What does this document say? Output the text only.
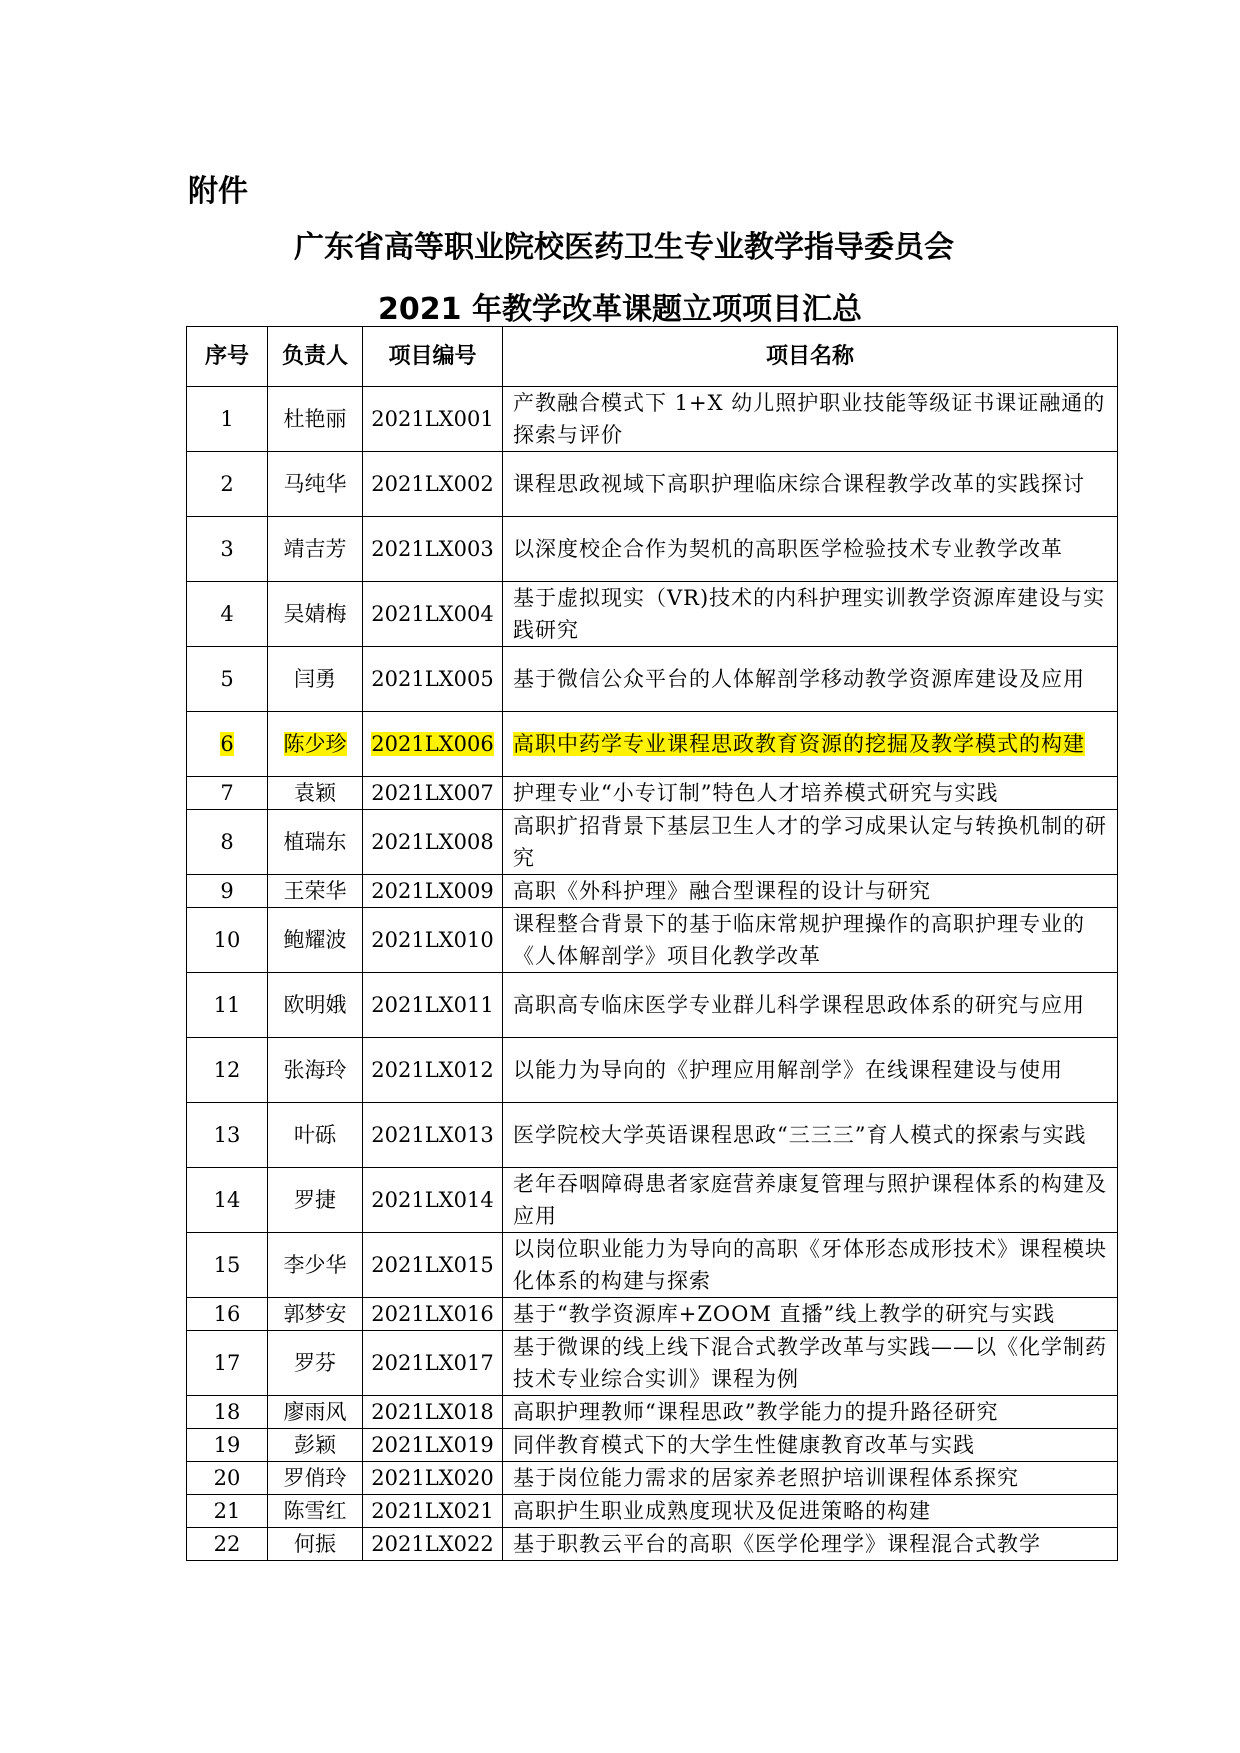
附件
广东省高等职业院校医药卫生专业教学指导委员会
2021 年教学改革课题立项项目汇总
序号	负责人	项目编号	项目名称
1	杜艳丽	2021LX001	产教融合模式下 1+X 幼儿照护职业技能等级证书课证融通的探索与评价
2	马纯华	2021LX002	课程思政视域下高职护理临床综合课程教学改革的实践探讨
3	靖吉芳	2021LX003	以深度校企合作为契机的高职医学检验技术专业教学改革
4	吴婧梅	2021LX004	基于虚拟现实（VR)技术的内科护理实训教学资源库建设与实践研究
5	闫勇	2021LX005	基于微信公众平台的人体解剖学移动教学资源库建设及应用
6	陈少珍	2021LX006	高职中药学专业课程思政教育资源的挖掘及教学模式的构建
7	袁颖	2021LX007	护理专业“小专订制”特色人才培养模式研究与实践
8	植瑞东	2021LX008	高职扩招背景下基层卫生人才的学习成果认定与转换机制的研究
9	王荣华	2021LX009	高职《外科护理》融合型课程的设计与研究
10	鲍耀波	2021LX010	课程整合背景下的基于临床常规护理操作的高职护理专业的《人体解剖学》项目化教学改革
11	欧明娥	2021LX011	高职高专临床医学专业群儿科学课程思政体系的研究与应用
12	张海玲	2021LX012	以能力为导向的《护理应用解剖学》在线课程建设与使用
13	叶砾	2021LX013	医学院校大学英语课程思政“三三三”育人模式的探索与实践
14	罗捷	2021LX014	老年吞咽障碍患者家庭营养康复管理与照护课程体系的构建及应用
15	李少华	2021LX015	以岗位职业能力为导向的高职《牙体形态成形技术》课程模块化体系的构建与探索
16	郭梦安	2021LX016	基于“教学资源库+ZOOM 直播”线上教学的研究与实践
17	罗芬	2021LX017	基于微课的线上线下混合式教学改革与实践——以《化学制药技术专业综合实训》课程为例
18	廖雨风	2021LX018	高职护理教师“课程思政”教学能力的提升路径研究
19	彭颖	2021LX019	同伴教育模式下的大学生性健康教育改革与实践
20	罗俏玲	2021LX020	基于岗位能力需求的居家养老照护培训课程体系探究
21	陈雪红	2021LX021	高职护生职业成熟度现状及促进策略的构建
22	何振	2021LX022	基于职教云平台的高职《医学伦理学》课程混合式教学
